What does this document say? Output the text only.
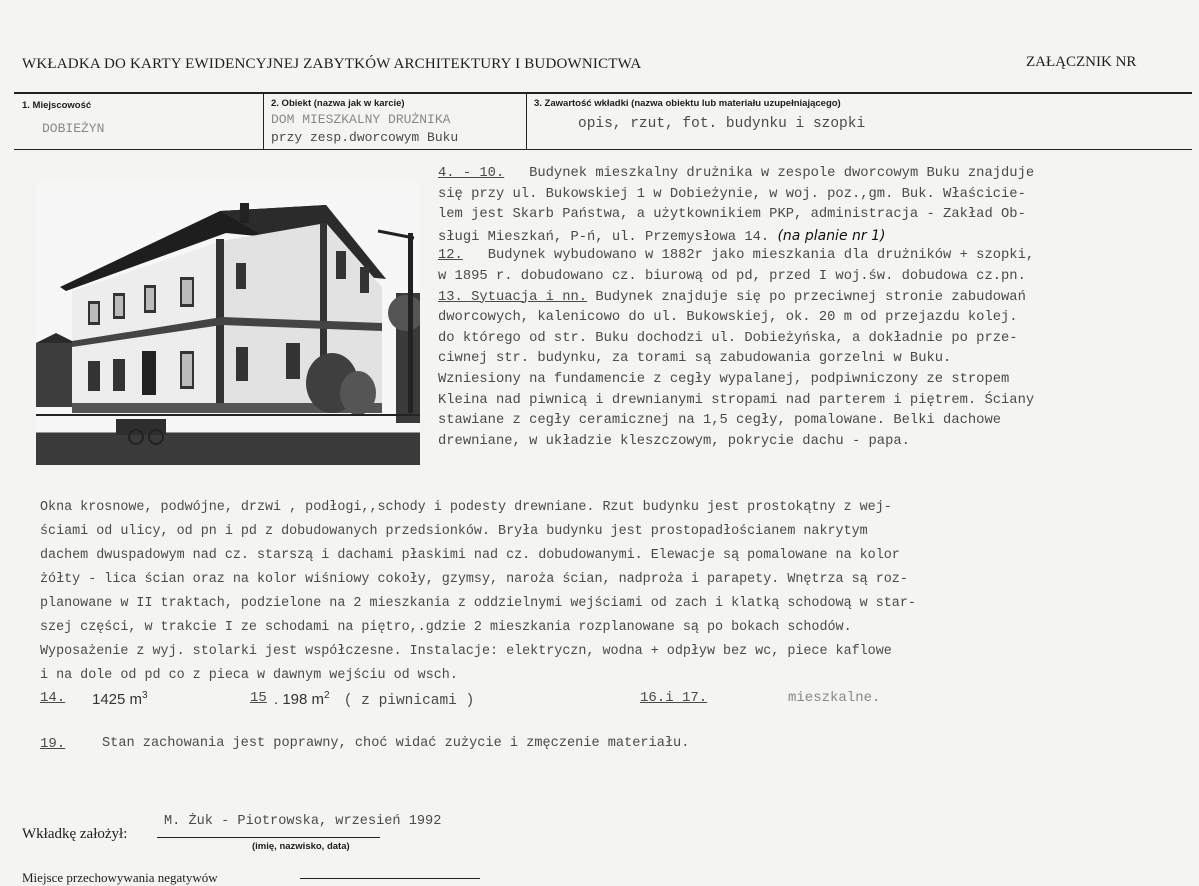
WKŁADKA DO KARTY EWIDENCYJNEJ ZABYTKÓW ARCHITEKTURY I BUDOWNICTWA	ZAŁĄCZNIK NR
1. Miejscowość
DOBIEŻYN
2. Obiekt (nazwa jak w karcie)
DOM MIESZKALNY DRUŻNIKA
przy zesp.dworcowym Buku
3. Zawartość wkładki (nazwa obiektu lub materiału uzupełniającego)
opis, rzut, fot. budynku i szopki
4. - 10. Budynek mieszkalny drużnika w zespole dworcowym Buku znajduje
się przy ul. Bukowskiej 1 w Dobieżynie, w woj. poz.,gm. Buk. Właściciе-
lem jest Skarb Państwa, a użytkownikiem PKP, administracja - Zakład Ob-
sługi Mieszkań, P-ń, ul. Przemysłowa 14. (na planie nr 1)
12. Budynek wybudowano w 1882r jako mieszkania dla drużników + szopki,
w 1895 r. dobudowano cz. biurową od pd, przed I woj.św. dobudowa cz.pn.
13. Sytuacja i nn. Budynek znajduje się po przeciwnej stronie zabudowań
dworcowych, kalenicowo do ul. Bukowskiej, ok. 20 m od przejazdu kolej.
do którego od str. Buku dochodzi ul. Dobieżyńska, a dokładnie po prze-
ciwnej str. budynku, za torami są zabudowania gorzelni w Buku.
Wzniesiony na fundamencie z cegły wypalanej, podpiwniczony ze stropem
Kleina nad piwnicą i drewnianymi stropami nad parterem i piętrem. Ściany
stawiane z cegły ceramicznej na 1,5 cegły, pomalowane. Belki dachowe
drewniane, w układzie kleszczowym, pokrycie dachu - papa.
Okna krosnowe, podwójne, drzwi , podłogi,,schody i podesty drewniane. Rzut budynku jest prostokątny z wej-
ściami od ulicy, od pn i pd z dobudowanych przedsionków. Bryła budynku jest prostopadłościanem nakrytym
dachem dwuspadowym nad cz. starszą i dachami płaskimi nad cz. dobudowanymi. Elewacje są pomalowane na kolor
żółty - lica ścian oraz na kolor wiśniowy cokoły, gzymsy, naroża ścian, nadproża i parapety. Wnętrza są roz-
planowane w II traktach, podzielone na 2 mieszkania z oddzielnymi wejściami od zach i klatką schodową w star-
szej części, w trakcie I ze schodami na piętro,.gdzie 2 mieszkania rozplanowane są po bokach schodów.
Wyposażenie z wyj. stolarki jest współczesne. Instalacje: elektryczn, wodna + odpływ bez wc, piece kaflowe
i na dole od pd co z pieca w dawnym wejściu od wsch.
14. 1425 $m^3$	15 . 198 $m^2$ ( z piwnicami )	16.i 17.	mieszkalne.
19.	Stan zachowania jest poprawny, choć widać zużycie i zmęczenie materiału.
Wkładkę założył:
M. Żuk - Piotrowska, wrzesień 1992
(imię, nazwisko, data)
Miejsce przechowywania negatywów
